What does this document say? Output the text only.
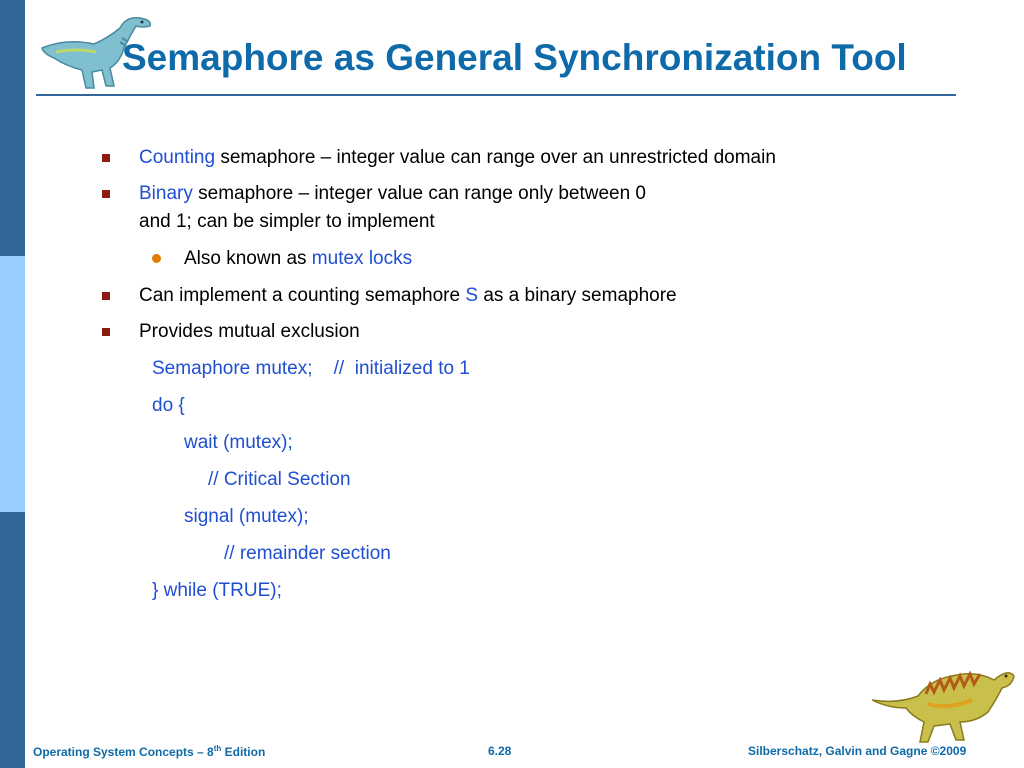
Semaphore as General Synchronization Tool
Counting semaphore – integer value can range over an unrestricted domain
Binary semaphore – integer value can range only between 0
and 1; can be simpler to implement
Also known as mutex locks
Can implement a counting semaphore S as a binary semaphore
Provides mutual exclusion
Semaphore mutex;    //  initialized to 1
do {
wait (mutex);
// Critical Section
signal (mutex);
// remainder section
} while (TRUE);
Operating System Concepts – 8th Edition	6.28	Silberschatz, Galvin and Gagne ©2009
